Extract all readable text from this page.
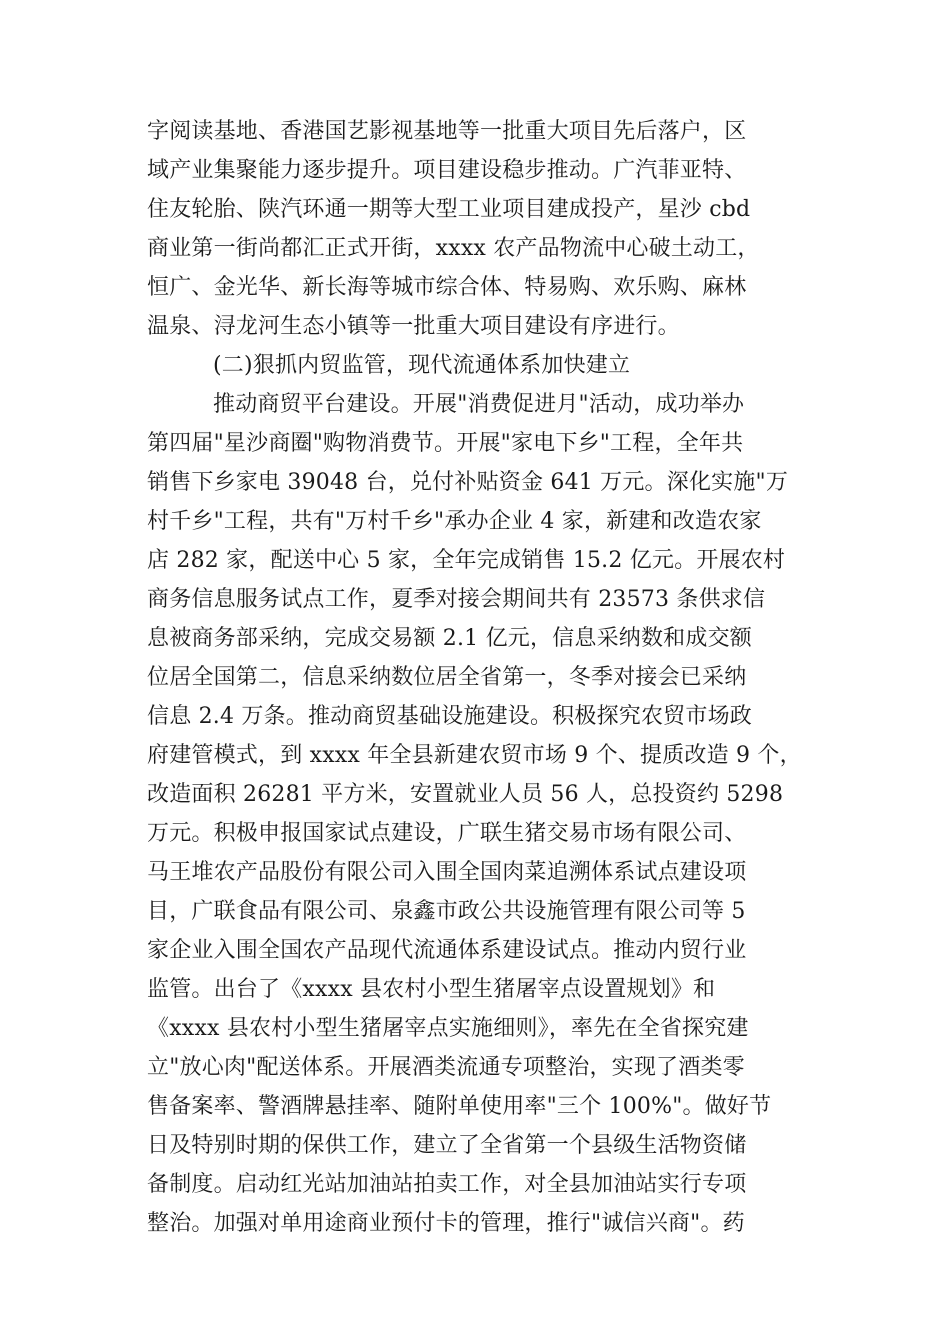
字阅读基地、香港国艺影视基地等一批重大项目先后落户，区
域产业集聚能力逐步提升。项目建设稳步推动。广汽菲亚特、
住友轮胎、陕汽环通一期等大型工业项目建成投产，星沙 cbd
商业第一街尚都汇正式开街，xxxx 农产品物流中心破土动工，
恒广、金光华、新长海等城市综合体、特易购、欢乐购、麻林
温泉、浔龙河生态小镇等一批重大项目建设有序进行。
(二)狠抓内贸监管，现代流通体系加快建立
推动商贸平台建设。开展"消费促进月"活动，成功举办
第四届"星沙商圈"购物消费节。开展"家电下乡"工程，全年共
销售下乡家电 39048 台，兑付补贴资金 641 万元。深化实施"万
村千乡"工程，共有"万村千乡"承办企业 4 家，新建和改造农家
店 282 家，配送中心 5 家，全年完成销售 15.2 亿元。开展农村
商务信息服务试点工作，夏季对接会期间共有 23573 条供求信
息被商务部采纳，完成交易额 2.1 亿元，信息采纳数和成交额
位居全国第二，信息采纳数位居全省第一，冬季对接会已采纳
信息 2.4 万条。推动商贸基础设施建设。积极探究农贸市场政
府建管模式，到 xxxx 年全县新建农贸市场 9 个、提质改造 9 个，
改造面积 26281 平方米，安置就业人员 56 人，总投资约 5298
万元。积极申报国家试点建设，广联生猪交易市场有限公司、
马王堆农产品股份有限公司入围全国肉菜追溯体系试点建设项
目，广联食品有限公司、泉鑫市政公共设施管理有限公司等 5
家企业入围全国农产品现代流通体系建设试点。推动内贸行业
监管。出台了《xxxx 县农村小型生猪屠宰点设置规划》和
《xxxx 县农村小型生猪屠宰点实施细则》，率先在全省探究建
立"放心肉"配送体系。开展酒类流通专项整治，实现了酒类零
售备案率、警酒牌悬挂率、随附单使用率"三个 100%"。做好节
日及特别时期的保供工作，建立了全省第一个县级生活物资储
备制度。启动红光站加油站拍卖工作，对全县加油站实行专项
整治。加强对单用途商业预付卡的管理，推行"诚信兴商"。药
